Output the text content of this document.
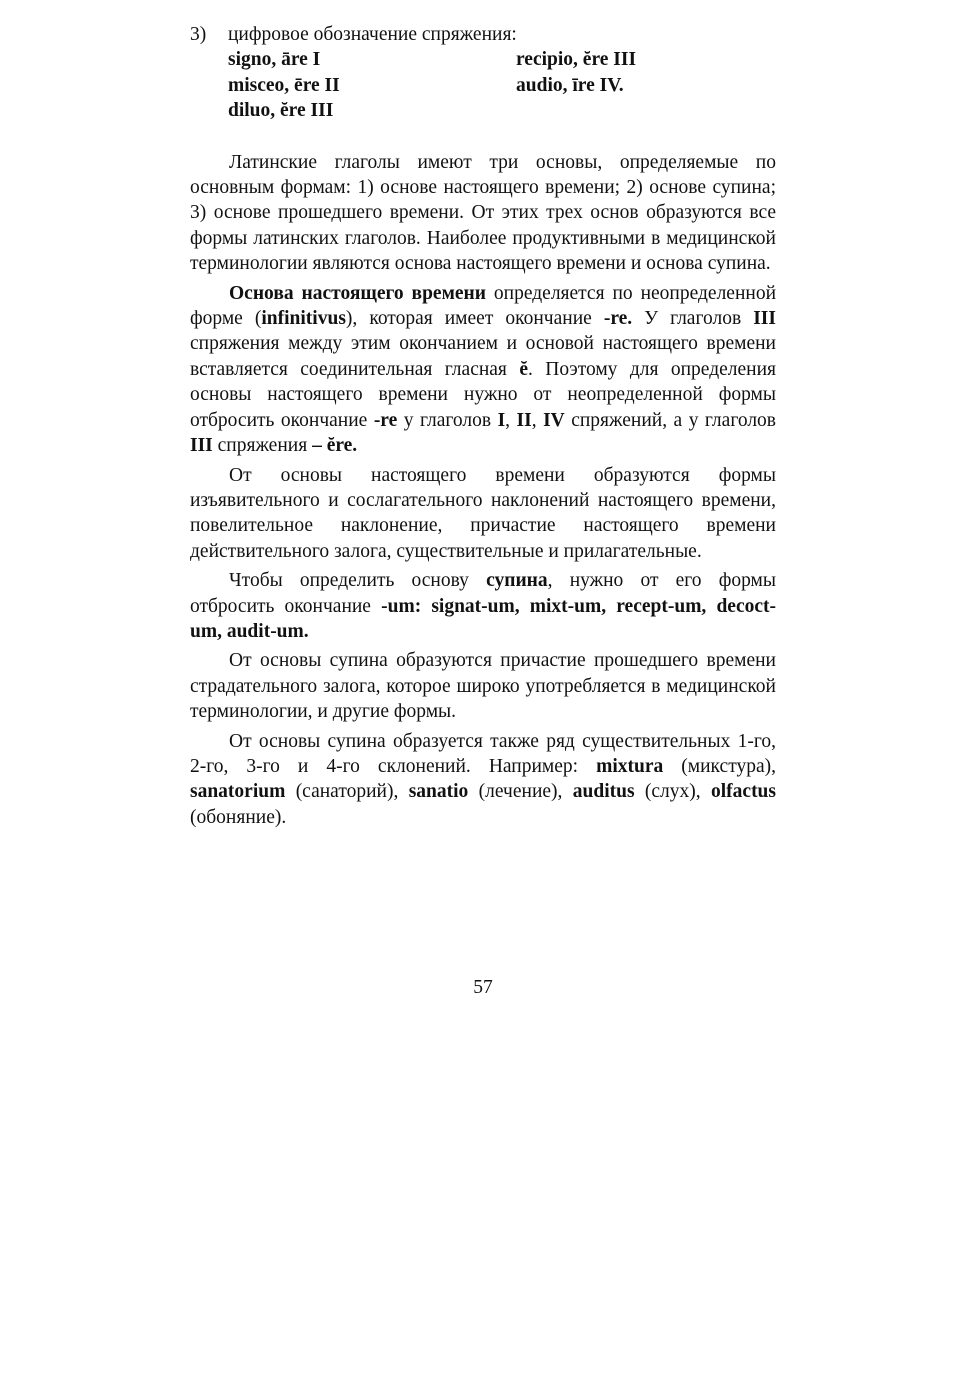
3)	цифровое обозначение спряжения:
signo, āre I	recipio, ĕre III
misceo, ēre II	audio, īre IV.
diluo, ĕre III

Латинские глаголы имеют три основы, определяемые по основным формам: 1) основе настоящего времени; 2) основе супина; 3) основе прошедшего времени. От этих трех основ образуются все формы латинских глаголов. Наиболее продуктивными в медицинской терминологии являются основа настоящего времени и основа супина.

Основа настоящего времени определяется по неопределенной форме (infinitivus), которая имеет окончание -re. У глаголов III спряжения между этим окончанием и основой настоящего времени вставляется соединительная гласная ĕ. Поэтому для определения основы настоящего времени нужно от неопределенной формы отбросить окончание -re у глаголов I, II, IV спряжений, а у глаголов III спряжения – ĕre.

От основы настоящего времени образуются формы изъявительного и сослагательного наклонений настоящего времени, повелительное наклонение, причастие настоящего времени действительного залога, существительные и прилагательные.

Чтобы определить основу супина, нужно от его формы отбросить окончание -um: signat-um, mixt-um, recept-um, decoct-um, audit-um.

От основы супина образуются причастие прошедшего времени страдательного залога, которое широко употребляется в медицинской терминологии, и другие формы.

От основы супина образуется также ряд существительных 1-го, 2-го, 3-го и 4-го склонений. Например: mixtura (микстура), sanatorium (санаторий), sanatio (лечение), auditus (слух), olfactus (обоняние).

57
